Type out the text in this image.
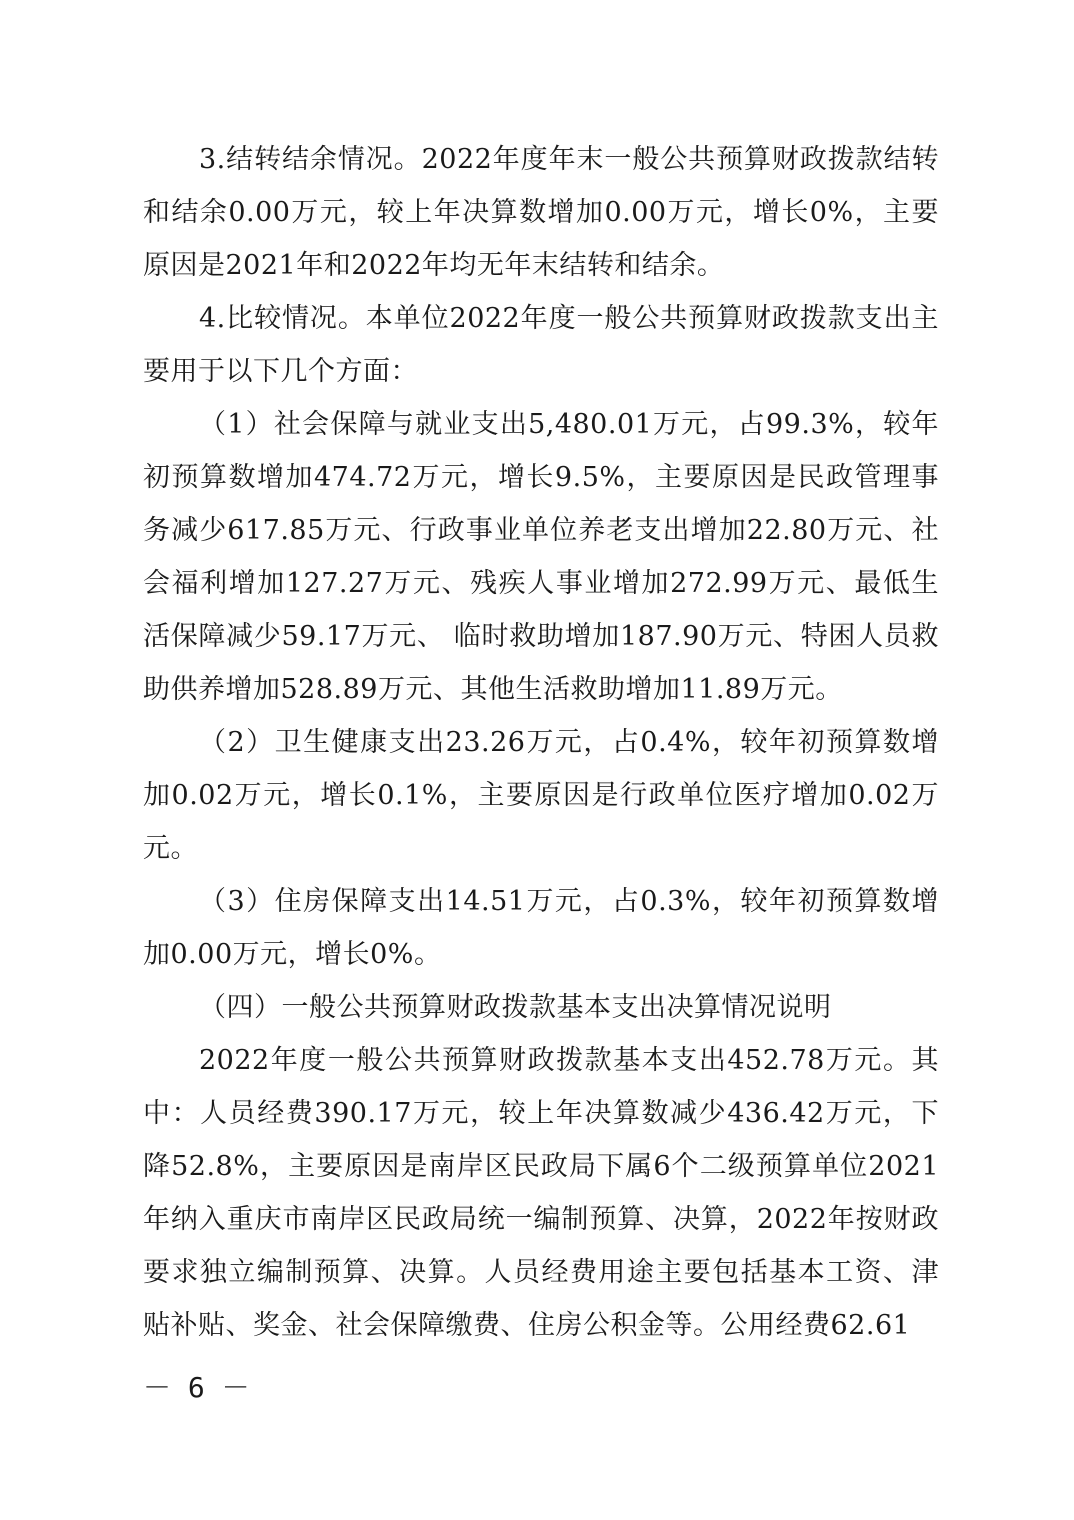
3.结转结余情况。2022年度年末一般公共预算财政拨款结转和结余0.00万元，较上年决算数增加0.00万元，增长0%，主要原因是2021年和2022年均无年末结转和结余。

4.比较情况。本单位2022年度一般公共预算财政拨款支出主要用于以下几个方面：

（1）社会保障与就业支出5,480.01万元，占99.3%，较年初预算数增加474.72万元，增长9.5%，主要原因是民政管理事务减少617.85万元、行政事业单位养老支出增加22.80万元、社会福利增加127.27万元、残疾人事业增加272.99万元、最低生活保障减少59.17万元、 临时救助增加187.90万元、特困人员救助供养增加528.89万元、其他生活救助增加11.89万元。

（2）卫生健康支出23.26万元，占0.4%，较年初预算数增加0.02万元，增长0.1%，主要原因是行政单位医疗增加0.02万元。

（3）住房保障支出14.51万元，占0.3%，较年初预算数增加0.00万元，增长0%。

（四）一般公共预算财政拨款基本支出决算情况说明

2022年度一般公共预算财政拨款基本支出452.78万元。其中：人员经费390.17万元，较上年决算数减少436.42万元，下降52.8%，主要原因是南岸区民政局下属6个二级预算单位2021年纳入重庆市南岸区民政局统一编制预算、决算，2022年按财政要求独立编制预算、决算。人员经费用途主要包括基本工资、津贴补贴、奖金、社会保障缴费、住房公积金等。公用经费62.61

－ 6 －
